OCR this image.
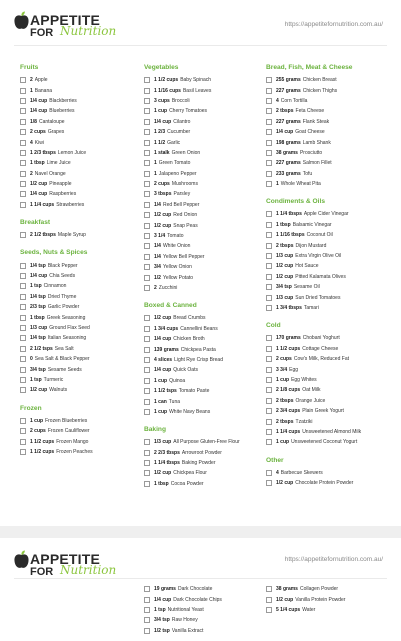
APPETITE
FOR Nutrition	https://appetitefornutrition.com.au/
Fruits
2 Apple
1 Banana
1/4 cup Blackberries
1/4 cup Blueberries
1/8 Cantaloupe
2 cups Grapes
4 Kiwi
1 2/3 tbsps Lemon Juice
1 tbsp Lime Juice
2 Navel Orange
1/2 cup Pineapple
1/4 cup Raspberries
1 1/4 cups Strawberries
Breakfast
2 1/2 tbsps Maple Syrup
Seeds, Nuts & Spices
1/4 tsp Black Pepper
1/4 cup Chia Seeds
1 tsp Cinnamon
1/4 tsp Dried Thyme
2/3 tsp Garlic Powder
1 tbsp Greek Seasoning
1/3 cup Ground Flax Seed
1/4 tsp Italian Seasoning
2 1/2 tsps Sea Salt
0 Sea Salt & Black Pepper
3/4 tsp Sesame Seeds
1 tsp Turmeric
1/2 cup Walnuts
Frozen
1 cup Frozen Blueberries
2 cups Frozen Cauliflower
1 1/2 cups Frozen Mango
1 1/2 cups Frozen Peaches
Vegetables
1 1/2 cups Baby Spinach
1 1/16 cups Basil Leaves
3 cups Broccoli
1 cup Cherry Tomatoes
1/4 cup Cilantro
1 2/3 Cucumber
1 1/2 Garlic
1 stalk Green Onion
1 Green Tomato
1 Jalapeno Pepper
2 cups Mushrooms
3 tbsps Parsley
1/4 Red Bell Pepper
1/2 cup Red Onion
1/2 cup Snap Peas
3 1/4 Tomato
1/4 White Onion
1/4 Yellow Bell Pepper
3/4 Yellow Onion
1/2 Yellow Potato
2 Zucchini
Boxed & Canned
1/2 cup Bread Crumbs
1 3/4 cups Cannellini Beans
1/4 cup Chicken Broth
139 grams Chickpea Pasta
4 slices Light Rye Crisp Bread
1/4 cup Quick Oats
1 cup Quinoa
1 1/2 tsps Tomato Paste
1 can Tuna
1 cup White Navy Beans
Baking
1/3 cup All Purpose Gluten-Free Flour
2 2/3 tbsps Arrowroot Powder
1 1/4 tbsps Baking Powder
1/2 cup Chickpea Flour
1 tbsp Cocoa Powder
Bread, Fish, Meat & Cheese
255 grams Chicken Breast
227 grams Chicken Thighs
4 Corn Tortilla
2 tbsps Feta Cheese
227 grams Flank Steak
1/4 cup Goat Cheese
198 grams Lamb Shank
38 grams Prosciutto
227 grams Salmon Fillet
233 grams Tofu
1 Whole Wheat Pita
Condiments & Oils
1 1/4 tbsps Apple Cider Vinegar
1 tbsp Balsamic Vinegar
1 1/16 tbsps Coconut Oil
2 tbsps Dijon Mustard
1/3 cup Extra Virgin Olive Oil
1/2 cup Hot Sauce
1/2 cup Pitted Kalamata Olives
3/4 tsp Sesame Oil
1/3 cup Sun Dried Tomatoes
1 3/4 tbsps Tamari
Cold
170 grams Chobani Yoghurt
1 1/2 cups Cottage Cheese
2 cups Cow's Milk, Reduced Fat
3 3/4 Egg
1 cup Egg Whites
2 1/8 cups Oat Milk
2 tbsps Orange Juice
2 3/4 cups Plain Greek Yogurt
2 tbsps Tzatziki
1 1/4 cups Unsweetened Almond Milk
1 cup Unsweetened Coconut Yogurt
Other
4 Barbecue Skewers
1/2 cup Chocolate Protein Powder
APPETITE
FOR Nutrition
https://appetitefornutrition.com.au/
19 grams Dark Chocolate
1/4 cup Dark Chocolate Chips
1 tsp Nutritional Yeast
3/4 tsp Raw Honey
1/2 tsp Vanilla Extract
38 grams Collagen Powder
1/2 cup Vanilla Protein Powder
5 1/4 cups Water
